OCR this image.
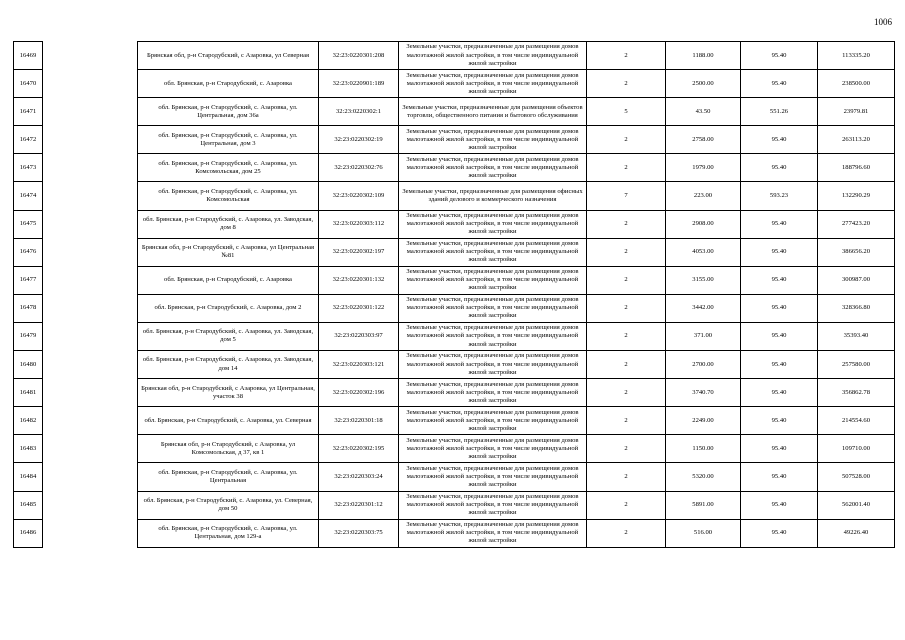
1006
16469		Брянская обл, р-н Стародубский, с Азаровка, ул Северная	32:23:0220301:208	Земельные участки, предназначенные для размещения домов малоэтажной жилой застройки, в том числе индивидуальной жилой застройки	2	1188.00	95.40	113335.20
16470		обл. Брянская, р-н Стародубский, с. Азаровка	32:23:0220901:189	Земельные участки, предназначенные для размещения домов малоэтажной жилой застройки, в том числе индивидуальной жилой застройки	2	2500.00	95.40	238500.00
16471		обл. Брянская, р-н Стародубский, с. Азаровка, ул. Центральная, дом 36а	32:23:0220302:1	Земельные участки, предназначенные для размещения объектов торговли, общественного питания и бытового обслуживания	5	43.50	551.26	23979.81
16472		обл. Брянская, р-н Стародубский, с. Азаровка, ул. Центральная, дом 3	32:23:0220302:19	Земельные участки, предназначенные для размещения домов малоэтажной жилой застройки, в том числе индивидуальной жилой застройки	2	2758.00	95.40	263113.20
16473		обл. Брянская, р-н Стародубский, с. Азаровка, ул. Комсомольская, дом 25	32:23:0220302:76	Земельные участки, предназначенные для размещения домов малоэтажной жилой застройки, в том числе индивидуальной жилой застройки	2	1979.00	95.40	188796.60
16474		обл. Брянская, р-н Стародубский, с. Азаровка, ул. Комсомольская	32:23:0220302:109	Земельные участки, предназначенные для размещения офисных зданий делового и коммерческого назначения	7	223.00	593.23	132290.29
16475		обл. Брянская, р-н Стародубский, с. Азаровка, ул. Заводская, дом 8	32:23:0220303:112	Земельные участки, предназначенные для размещения домов малоэтажной жилой застройки, в том числе индивидуальной жилой застройки	2	2908.00	95.40	277423.20
16476		Брянская обл, р-н Стародубский, с Азаровка, ул Центральная №81	32:23:0220302:197	Земельные участки, предназначенные для размещения домов малоэтажной жилой застройки, в том числе индивидуальной жилой застройки	2	4053.00	95.40	386656.20
16477		обл. Брянская, р-н Стародубский, с. Азаровка	32:23:0220301:132	Земельные участки, предназначенные для размещения домов малоэтажной жилой застройки, в том числе индивидуальной жилой застройки	2	3155.00	95.40	300987.00
16478		обл. Брянская, р-н Стародубский, с. Азаровка, дом 2	32:23:0220301:122	Земельные участки, предназначенные для размещения домов малоэтажной жилой застройки, в том числе индивидуальной жилой застройки	2	3442.00	95.40	328366.80
16479		обл. Брянская, р-н Стародубский, с. Азаровка, ул. Заводская, дом 5	32:23:0220303:97	Земельные участки, предназначенные для размещения домов малоэтажной жилой застройки, в том числе индивидуальной жилой застройки	2	371.00	95.40	35393.40
16480		обл. Брянская, р-н Стародубский, с. Азаровка, ул. Заводская, дом 14	32:23:0220303:121	Земельные участки, предназначенные для размещения домов малоэтажной жилой застройки, в том числе индивидуальной жилой застройки	2	2700.00	95.40	257580.00
16481		Брянская обл, р-н Стародубский, с Азаровка, ул Центральная, участок 38	32:23:0220302:196	Земельные участки, предназначенные для размещения домов малоэтажной жилой застройки, в том числе индивидуальной жилой застройки	2	3740.70	95.40	356862.78
16482		обл. Брянская, р-н Стародубский, с. Азаровка, ул. Северная	32:23:0220301:18	Земельные участки, предназначенные для размещения домов малоэтажной жилой застройки, в том числе индивидуальной жилой застройки	2	2249.00	95.40	214554.60
16483		Брянская обл, р-н Стародубский, с Азаровка, ул Комсомольская, д 37, кв 1	32:23:0220302:195	Земельные участки, предназначенные для размещения домов малоэтажной жилой застройки, в том числе индивидуальной жилой застройки	2	1150.00	95.40	109710.00
16484		обл. Брянская, р-н Стародубский, с. Азаровка, ул. Центральная	32:23:0220303:24	Земельные участки, предназначенные для размещения домов малоэтажной жилой застройки, в том числе индивидуальной жилой застройки	2	5320.00	95.40	507528.00
16485		обл. Брянская, р-н Стародубский, с. Азаровка, ул. Северная, дом 50	32:23:0220301:12	Земельные участки, предназначенные для размещения домов малоэтажной жилой застройки, в том числе индивидуальной жилой застройки	2	5891.00	95.40	562001.40
16486		обл. Брянская, р-н Стародубский, с. Азаровка, ул. Центральная, дом 129-а	32:23:0220303:75	Земельные участки, предназначенные для размещения домов малоэтажной жилой застройки, в том числе индивидуальной жилой застройки	2	516.00	95.40	49226.40
